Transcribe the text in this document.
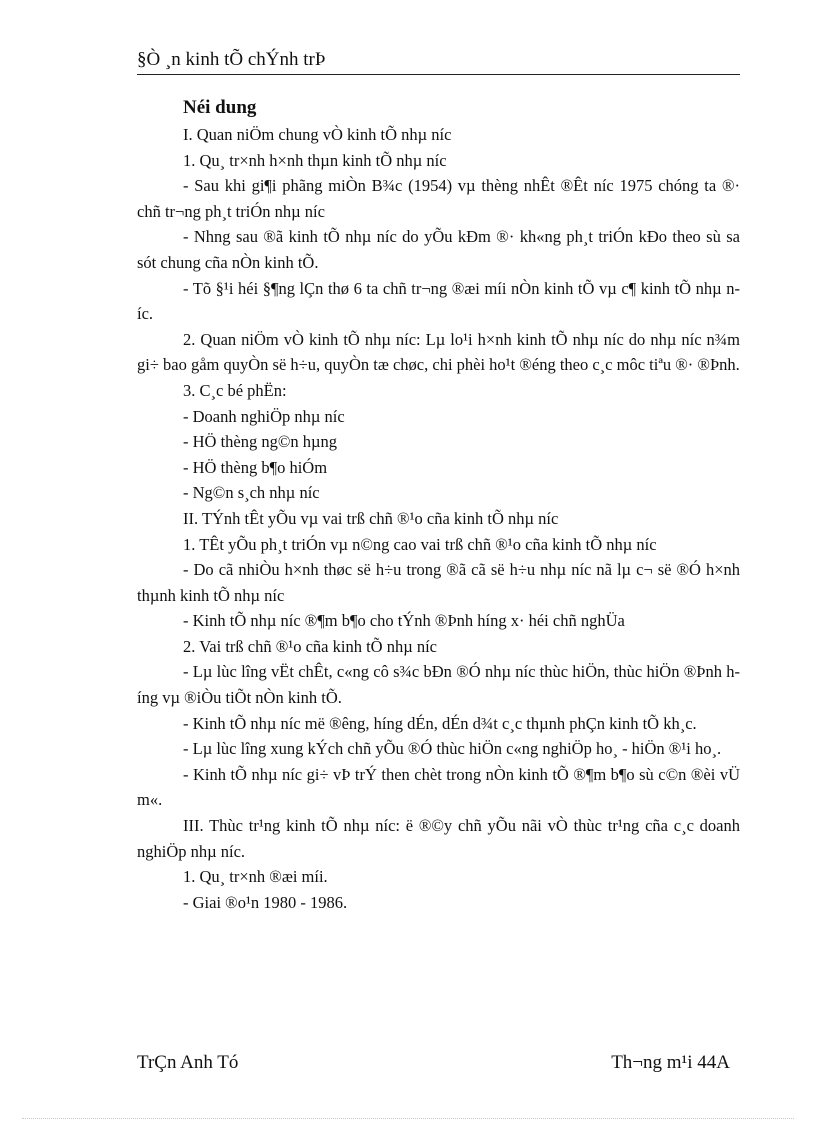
§Ò ¸n kinh tÕ chÝnh trÞ

Néi dung

I. Quan niÖm chung vÒ kinh tÕ nhµ níc

1. Qu¸ tr×nh h×nh thµn kinh tÕ nhµ níc

- Sau khi gi¶i phãng miÒn B¾c (1954) vµ thèng nhÊt ®Êt níc 1975 chóng ta ®· chñ tr¬ng ph¸t triÓn nhµ níc

- Nhng sau ®ã kinh tÕ nhµ níc do yÕu kÐm ®· kh«ng ph¸t triÓn kÐo theo sù sa sót chung cña nÒn kinh tÕ.

- Tõ §¹i héi §¶ng lÇn thø 6 ta chñ tr¬ng ®æi míi nÒn kinh tÕ vµ c¶ kinh tÕ nhµ níc.

2. Quan niÖm vÒ kinh tÕ nhµ níc: Lµ lo¹i h×nh kinh tÕ nhµ níc do nhµ níc n¾m gi÷ bao gåm quyÒn së h÷u, quyÒn tæ chøc, chi phèi ho¹t ®éng theo c¸c môc tiªu ®· ®Þnh.

3. C¸c bé phËn:

- Doanh nghiÖp nhµ níc

- HÖ thèng ng©n hµng

- HÖ thèng b¶o hiÓm

- Ng©n s¸ch nhµ níc

II. TÝnh tÊt yÕu vµ vai trß chñ ®¹o cña kinh tÕ nhµ níc

1. TÊt yÕu ph¸t triÓn vµ n©ng cao vai trß chñ ®¹o cña kinh tÕ nhµ níc

- Do cã nhiÒu h×nh thøc së h÷u trong ®ã cã së h÷u nhµ níc nã lµ c¬ së ®Ó h×nh thµnh kinh tÕ nhµ níc

- Kinh tÕ nhµ níc ®¶m b¶o cho tÝnh ®Þnh híng x· héi chñ nghÜa

2. Vai trß chñ ®¹o cña kinh tÕ nhµ níc

- Lµ lùc lîng vËt chÊt, c«ng cô s¾c bÐn ®Ó nhµ níc thùc hiÖn, thùc hiÖn ®Þnh híng vµ ®iÒu tiÕt nÒn kinh tÕ.

- Kinh tÕ nhµ níc më ®êng, híng dÉn, dÉn d¾t c¸c thµnh phÇn kinh tÕ kh¸c.

- Lµ lùc lîng xung kÝch chñ yÕu ®Ó thùc hiÖn c«ng nghiÖp ho¸ - hiÖn ®¹i ho¸.

- Kinh tÕ nhµ níc gi÷ vÞ trÝ then chèt trong nÒn kinh tÕ ®¶m b¶o sù c©n ®èi vÜ m«.

III. Thùc tr¹ng kinh tÕ nhµ níc: ë ®©y chñ yÕu nãi vÒ thùc tr¹ng cña c¸c doanh nghiÖp nhµ níc.

1. Qu¸ tr×nh ®æi míi.

- Giai ®o¹n 1980 - 1986.

TrÇn Anh Tó	Th¬ng m¹i 44A
